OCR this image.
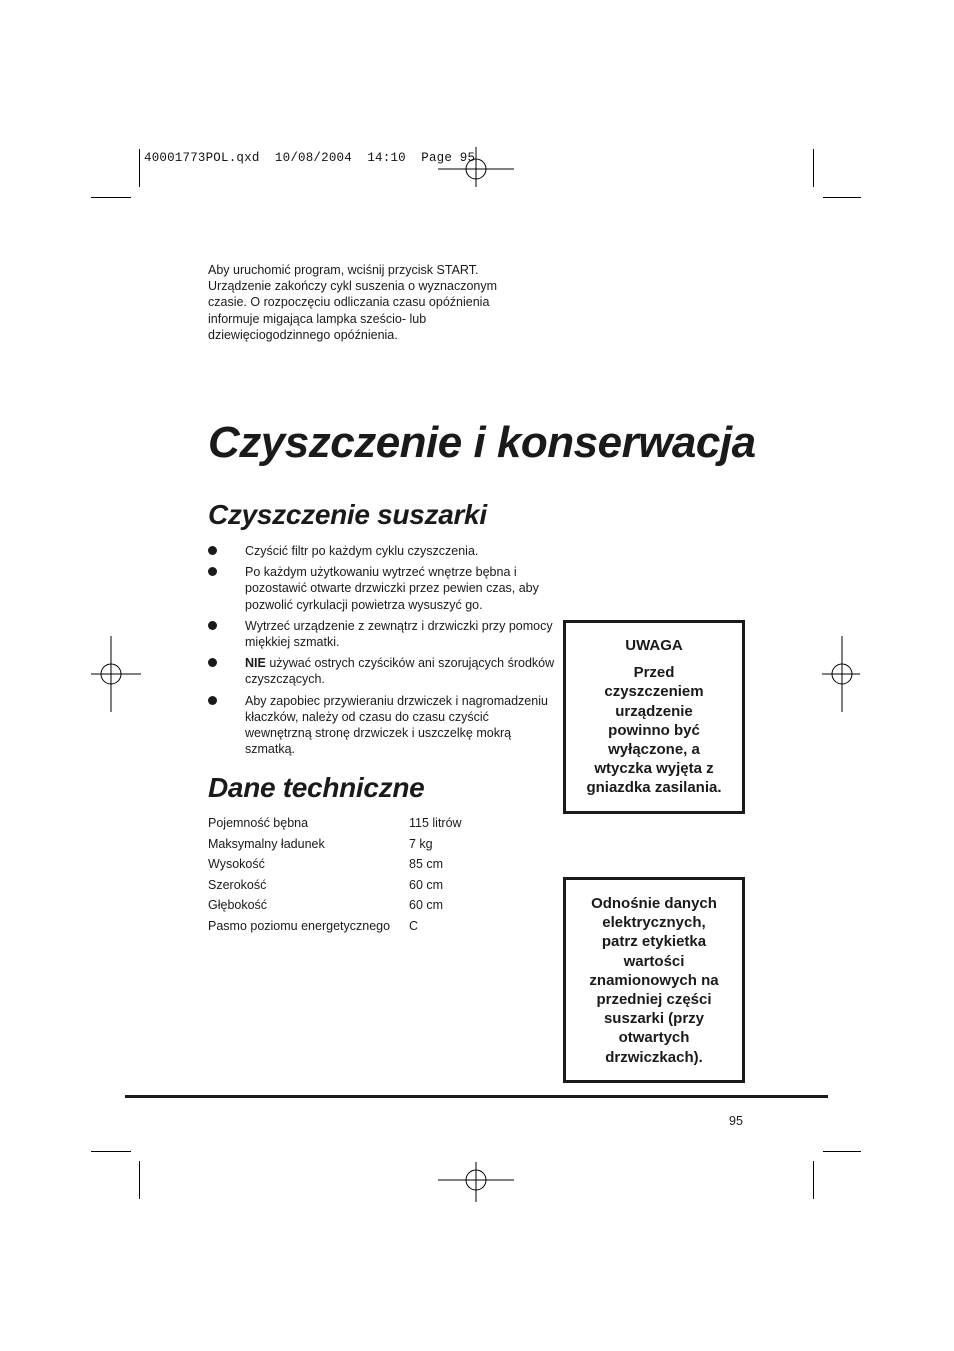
40001773POL.qxd  10/08/2004  14:10  Page 95
Aby uruchomić program, wciśnij przycisk START. Urządzenie zakończy cykl suszenia o wyznaczonym czasie. O rozpoczęciu odliczania czasu opóźnienia informuje migająca lampka sześcio- lub dziewięciogodzinnego opóźnienia.
Czyszczenie i konserwacja
Czyszczenie suszarki
Czyścić filtr po każdym cyklu czyszczenia.
Po każdym użytkowaniu wytrzeć wnętrze bębna i pozostawić otwarte drzwiczki przez pewien czas, aby pozwolić cyrkulacji powietrza wysuszyć go.
Wytrzeć urządzenie z zewnątrz i drzwiczki przy pomocy miękkiej szmatki.
NIE używać ostrych czyścików ani szorujących środków czyszczących.
Aby zapobiec przywieraniu drzwiczek i nagromadzeniu kłaczków, należy od czasu do czasu czyścić wewnętrzną stronę drzwiczek i uszczelkę mokrą szmatką.
Dane techniczne
Pojemność bębna	115 litrów
Maksymalny ładunek	7 kg
Wysokość	85 cm
Szerokość	60 cm
Głębokość	60 cm
Pasmo poziomu energetycznego	C
UWAGA
Przed
czyszczeniem
urządzenie
powinno być
wyłączone, a
wtyczka wyjęta z
gniazdka zasilania.
Odnośnie danych
elektrycznych,
patrz etykietka
wartości
znamionowych na
przedniej części
suszarki (przy
otwartych
drzwiczkach).
95
